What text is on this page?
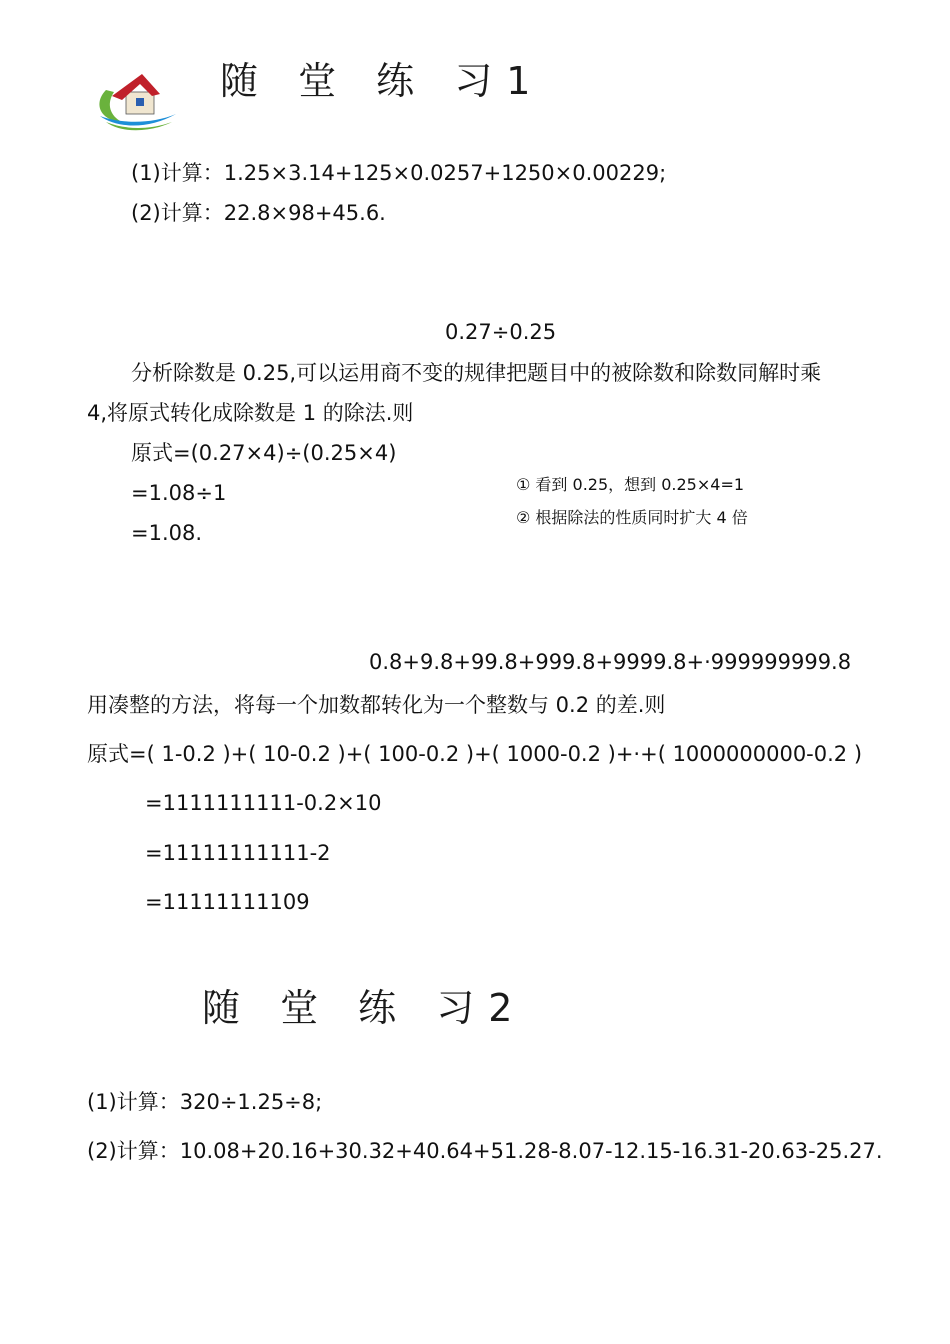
随 堂 练 习1
(1)计算：1.25×3.14+125×0.0257+1250×0.00229;
(2)计算：22.8×98+45.6.
0.27÷0.25
分析除数是 0.25,可以运用商不变的规律把题目中的被除数和除数同解时乘
4,将原式转化成除数是 1 的除法.则
原式=(0.27×4)÷(0.25×4)
=1.08÷1
=1.08.
① 看到 0.25，想到 0.25×4=1
② 根据除法的性质同时扩大 4 倍
0.8+9.8+99.8+999.8+9999.8+·999999999.8
用凑整的方法，将每一个加数都转化为一个整数与 0.2 的差.则
原式=( 1-0.2 )+( 10-0.2 )+( 100-0.2 )+( 1000-0.2 )+·+( 1000000000-0.2 )
=1111111111-0.2×10
=11111111111-2
=11111111109
随 堂 练 习2
(1)计算：320÷1.25÷8;
(2)计算：10.08+20.16+30.32+40.64+51.28-8.07-12.15-16.31-20.63-25.27.
